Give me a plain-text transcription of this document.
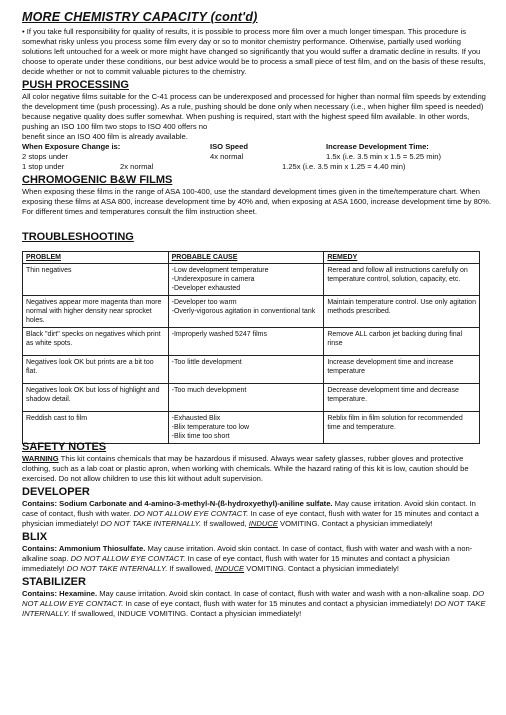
MORE CHEMISTRY CAPACITY (cont'd)

• If you take full responsibility for quality of results, it is possible to process more film over a much longer timespan. This procedure is somewhat risky unless you process some film every day or so to monitor chemistry performance. Otherwise, partially used working solutions left untouched for a week or more might have changed so significantly that you would suffer a dramatic decline in results. If you choose to operate under these conditions, our best advice would be to process a small piece of test film, and on the basis of these results, decide whether or not to commit valuable pictures to the chemistry.

PUSH PROCESSING

All color negative films suitable for the C-41 process can be underexposed and processed for higher than normal film speeds by extending the development time (push processing). As a rule, pushing should be done only when necessary (i.e., when higher film speed is needed) because negative quality does suffer somewhat. When pushing is required, start with the highest speed film available. In other words, pushing an ISO 100 film two stops to ISO 400 offers no

benefit since an ISO 400 film is already available.

When Exposure Change is:	ISO Speed	Increase Development Time:
2 stops under	4x normal	1.5x (i.e. 3.5 min x 1.5 = 5.25 min)
1 stop under	2x normal	1.25x (i.e. 3.5 min x 1.25 = 4.40 min)
CHROMOGENIC B&W FILMS

When exposing these films in the range of ASA 100-400, use the standard development times given in the time/temperature chart. When exposing these films at ASA 800, increase development time by 40% and, when exposing at ASA 1600, increase development time by 80%. For different times and temperatures consult the film instruction sheet.

TROUBLESHOOTING
PROBLEM	PROBABLE CAUSE	REMEDY
Thin negatives	-Low development temperature
-Underexposure in camera
-Developer exhausted	Reread and follow all instructions carefully on temperature control, solution, capacity, etc.
Negatives appear more magenta than more normal with higher density near sprocket holes.	-Developer too warm
-Overly-vigorous agitation in conventional tank	Maintain temperature control. Use only agitation methods prescribed.
Black "dirt" specks on negatives which print as white spots.	-Improperly washed 5247 films	Remove ALL carbon jet backing during final rinse
Negatives look OK but prints are a bit too flat.	-Too little development	Increase development time and increase temperature
Negatives look OK but loss of highlight and shadow detail.	-Too much development	Decrease development time and decrease temperature.
Reddish cast to film	-Exhausted Blix
-Blix temperature too low
-Blix time too short	Reblix film in film solution for recommended time and temperature.
SAFETY NOTES

WARNING This kit contains chemicals that may be hazardous if misused. Always wear safety glasses, rubber gloves and protective clothing, such as a lab coat or plastic apron, when working with chemicals. While the hazard rating of this kit is low, caution should be exercised. Do not allow children to use this kit without adult supervision.

DEVELOPER

Contains: Sodium Carbonate and 4-amino-3-methyl-N-(ß-hydroxyethyl)-aniline sulfate. May cause irritation. Avoid skin contact. In case of contact, flush with water. DO NOT ALLOW EYE CONTACT. In case of eye contact, flush with water for 15 minutes and contact a physician immediately! DO NOT TAKE INTERNALLY. If swallowed, INDUCE VOMITING. Contact a physician immediately!

BLIX

Contains: Ammonium Thiosulfate. May cause irritation. Avoid skin contact. In case of contact, flush with water and wash with a non-alkaline soap. DO NOT ALLOW EYE CONTACT. In case of eye contact, flush with water for 15 minutes and contact a physician immediately! DO NOT TAKE INTERNALLY. If swallowed, INDUCE VOMITING. Contact a physician immediately!

STABILIZER

Contains: Hexamine. May cause irritation. Avoid skin contact. In case of contact, flush with water and wash with a non-alkaline soap. DO NOT ALLOW EYE CONTACT. In case of eye contact, flush with water for 15 minutes and contact a physician immediately! DO NOT TAKE INTERNALLY. If swallowed, INDUCE VOMITING. Contact a physician immediately!
